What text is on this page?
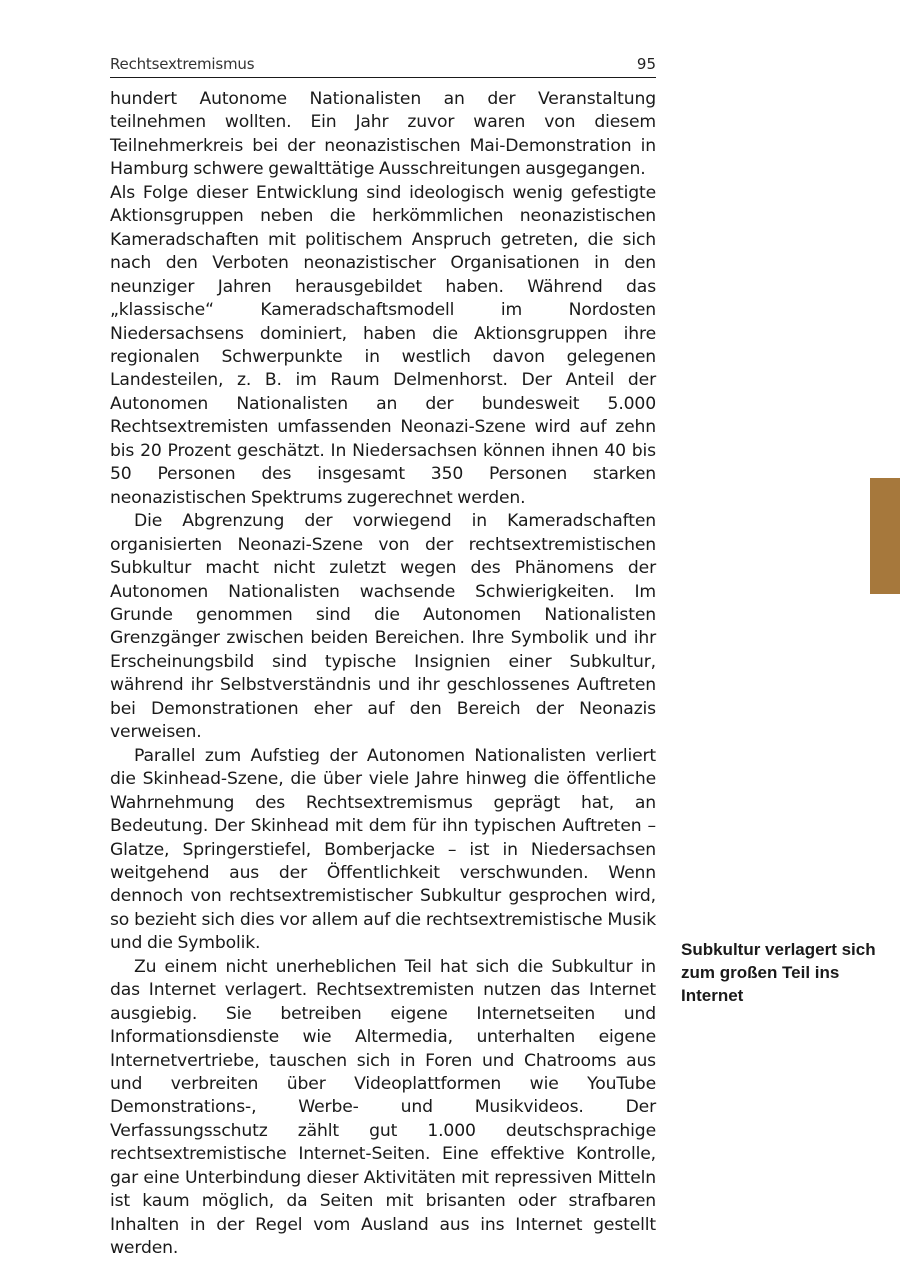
Rechtsextremismus	95

hundert Autonome Nationalisten an der Veranstaltung teilnehmen wollten. Ein Jahr zuvor waren von diesem Teilnehmerkreis bei der neonazistischen Mai-Demonstration in Hamburg schwere gewalttätige Ausschreitungen ausgegangen.

Als Folge dieser Entwicklung sind ideologisch wenig gefestigte Aktionsgruppen neben die herkömmlichen neonazistischen Kameradschaften mit politischem Anspruch getreten, die sich nach den Verboten neonazistischer Organisationen in den neunziger Jahren herausgebildet haben. Während das „klassische“ Kameradschaftsmodell im Nordosten Niedersachsens dominiert, haben die Aktionsgruppen ihre regionalen Schwerpunkte in westlich davon gelegenen Landesteilen, z. B. im Raum Delmenhorst. Der Anteil der Autonomen Nationalisten an der bundesweit 5.000 Rechtsextremisten umfassenden Neonazi-Szene wird auf zehn bis 20 Prozent geschätzt. In Niedersachsen können ihnen 40 bis 50 Personen des insgesamt 350 Personen starken neonazistischen Spektrums zugerechnet werden.

Die Abgrenzung der vorwiegend in Kameradschaften organisierten Neonazi-Szene von der rechtsextremistischen Subkultur macht nicht zuletzt wegen des Phänomens der Autonomen Nationalisten wachsende Schwierigkeiten. Im Grunde genommen sind die Autonomen Nationalisten Grenzgänger zwischen beiden Bereichen. Ihre Symbolik und ihr Erscheinungsbild sind typische Insignien einer Subkultur, während ihr Selbstverständnis und ihr geschlossenes Auftreten bei Demonstrationen eher auf den Bereich der Neonazis verweisen.

Parallel zum Aufstieg der Autonomen Nationalisten verliert die Skinhead-Szene, die über viele Jahre hinweg die öffentliche Wahrnehmung des Rechtsextremismus geprägt hat, an Bedeutung. Der Skinhead mit dem für ihn typischen Auftreten – Glatze, Springerstiefel, Bomberjacke – ist in Niedersachsen weitgehend aus der Öffentlichkeit verschwunden. Wenn dennoch von rechtsextremistischer Subkultur gesprochen wird, so bezieht sich dies vor allem auf die rechtsextremistische Musik und die Symbolik.

Zu einem nicht unerheblichen Teil hat sich die Subkultur in das Internet verlagert. Rechtsextremisten nutzen das Internet ausgiebig. Sie betreiben eigene Internetseiten und Informationsdienste wie Altermedia, unterhalten eigene Internetvertriebe, tauschen sich in Foren und Chatrooms aus und verbreiten über Videoplattformen wie YouTube Demonstrations-, Werbe- und Musikvideos. Der Verfassungsschutz zählt gut 1.000 deutschsprachige rechtsextremistische Internet-Seiten. Eine effektive Kontrolle, gar eine Unterbindung dieser Aktivitäten mit repressiven Mitteln ist kaum möglich, da Seiten mit brisanten oder strafbaren Inhalten in der Regel vom Ausland aus ins Internet gestellt werden.

Subkultur verlagert sich zum großen Teil ins Internet
